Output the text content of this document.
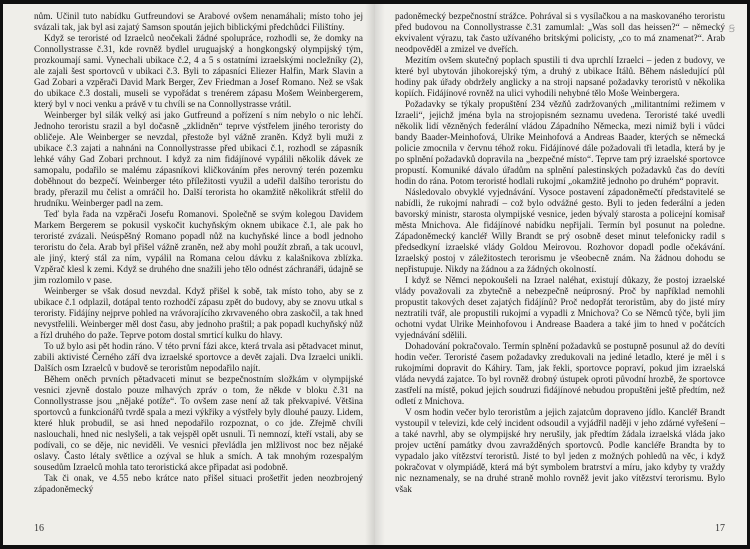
nům. Učinil tuto nabídku Gutfreundovi se Arabové ovšem nenamáhali; místo toho jej svázali tak, jak byl asi zajatý Samson spoután jejich biblickými předchůdci Filištíny.

Když se teroristé od Izraelců neočekali žádné spolupráce, rozhodli se, že domky na Connollystrasse č.31, kde rovněž bydlel uruguajský a hongkongský olympijský tým, prozkoumají sami. Vynechali ubikace č.2, 4 a 5 s ostatními izraelskými nocležníky (2), ale zajali šest sportovců v ubikaci č.3. Byli to zápasníci Eliezer Halfin, Mark Slavin a Gad Zobari a vzpěrači David Mark Berger, Zev Friedman a Josef Romano. Než se však do ubikace č.3 dostali, museli se vypořádat s trenérem zápasu Mošem Weinbergerem, který byl v noci venku a právě v tu chvíli se na Connollystrasse vrátil.

Weinberger byl silák velký asi jako Gutfreund a pořízení s ním nebylo o nic lehčí. Jednoho teroristu srazil a byl dočasně „zklidněn“ teprve výstřelem jiného teroristy do obličeje. Ale Weinberger se nevzdal, přestože byl vážně zraněn. Když byli muži z ubikace č.3 zajati a nahnáni na Connollystrasse před ubikaci č.1, rozhodl se zápasník lehké váhy Gad Zobari prchnout. I když za nim fidájínové vypálili několik dávek ze samopalu, podařilo se malému zápasníkovi kličkováním přes nerovný terén pozemku doběhnout do bezpečí. Weinberger této příležitosti využil a udeřil dalšího teroristu do brady, přerazil mu čelist a omráčil ho. Další terorista ho okamžitě několikrát střelil do hrudníku. Weinberger padl na zem.

Teď byla řada na vzpěrači Josefu Romanovi. Společně se svým kolegou Davidem Markem Bergerem se pokusil vyskočit kuchyňským oknem ubikace č.1, ale pak ho teroristé zvázali. Neúspěšný Romano popadl nůž na kuchyňské lince a bodl jednoho teroristu do čela. Arab byl přišel vážně zraněn, než aby mohl použít zbraň, a tak ucouvl, ale jiný, který stál za ním, vypálil na Romana celou dávku z kalašnikova zblízka. Vzpěrač klesl k zemi. Když se druhého dne snažili jeho tělo odnést záchranáři, údajně se jim rozlomilo v pase.

Weinberger se však dosud nevzdal. Když přišel k sobě, tak místo toho, aby se z ubikace č.1 odplazil, dotápal tento rozhodčí zápasu zpět do budovy, aby se znovu utkal s teroristy. Fidájíny nejprve pohled na vrávorajícího zkrvaveného obra zaskočil, a tak hned nevystřelili. Weinberger měl dost času, aby jednoho praštil; a pak popadl kuchyňský nůž a řízl druhého do paže. Teprve potom dostal smrticí kulku do hlavy.

To už bylo asi pět hodin ráno. V této první fázi akce, která trvala asi pětadvacet minut, zabili aktivisté Černého září dva izraelské sportovce a devět zajali. Dva Izraelci unikli. Dalších osm Izraelců v budově se teroristům nepodařilo najít.

Během oněch prvních pětadvaceti minut se bezpečnostním složkám v olympijské vesnici zjevně dostalo pouze mlhavých zpráv o tom, že někde v bloku č.31 na Connollystrasse jsou „nějaké potíže“. To ovšem zase není až tak překvapivé. Většina sportovců a funkcionářů tvrdě spala a mezi výkřiky a výstřely byly dlouhé pauzy. Lidem, které hluk probudil, se asi hned nepodařilo rozpoznat, o co jde. Zřejmě chvíli naslouchali, hned nic neslyšeli, a tak vejspěl opět usnuli. Ti nemnozí, kteří vstali, aby se podívali, co se děje, nic neviděli. Ve vesnici převládla jen mlžlivost noc bez nějaké oslavy. Často létaly světlice a ozýval se hluk a smích. A tak mnohým rozespalým sousedům Izraelců mohla tato teroristická akce připadat asi podobně.

Tak či onak, ve 4.55 nebo krátce nato přišel situaci prošetřit jeden neozbrojený západoněmecký

16
Ꞩ

padoněmecký bezpečnostní strážce. Pohrával si s vysílačkou a na maskovaného teroristu před budovou na Connollystrasse č.31 zamumlal: „Was soll das heissen?“ – německý ekvivalent výrazu, tak často užívaného britskými policisty, „co to má znamenat?“. Arab neodpověděl a zmizel ve dveřích.

Mezitím ovšem skutečný poplach spustili ti dva uprchlí Izraelci – jeden z budovy, ve které byl ubytován jihokorejský tým, a druhý z ubikace Itálů. Během následující půl hodiny pak úřady obdržely anglicky a na stroji napsané požadavky teroristů v několika kopiích. Fidájínové rovněž na ulici vyhodili nehybné tělo Moše Weinbergera.

Požadavky se týkaly propuštění 234 vězňů zadržovaných „militantními režimem v Izraeli“, jejichž jména byla na strojopisném seznamu uvedena. Teroristé také uvedli několik lidí vězněných federální vládou Západního Německa, mezi nimiž byli i vůdci bandy Baader-Meinhofová, Ulrike Meinhofová a Andreas Baader, kterých se německá policie zmocnila v červnu téhož roku. Fidájínové dále požadovali tři letadla, která by je po splnění požadavků dopravila na „bezpečné místo“. Teprve tam prý izraelské sportovce propustí. Komuniké dávalo úřadům na splnění palestinských požadavků čas do devíti hodin do rána. Potom teroristé hodlali rukojmí „okamžitě jednoho po druhém“ popravit.

Následovalo obvyklé vyjednávání. Vysoce postavení západoněmečtí představitelé se nabídli, že rukojmí nahradí – což bylo odvážné gesto. Byli to jeden federální a jeden bavorský ministr, starosta olympijské vesnice, jeden bývalý starosta a policejní komisař města Mnichova. Ale fidájínové nabídku nepřijali. Termín byl posunut na poledne. Západoněmecký kancléř Willy Brandt se prý osobně deset minut telefonicky radil s předsedkyní izraelské vlády Goldou Meirovou. Rozhovor dopadl podle očekávání. Izraelský postoj v záležitostech terorismu je všeobecně znám. Na žádnou dohodu se nepřistupuje. Nikdy na žádnou a za žádných okolností.

I když se Němci nepokoušeli na Izrael naléhat, existují důkazy, že postoj izraelské vlády považovali za zbytečně a nebezpečně neúprosný. Proč by například nemohli propustit takových deset zajatých fidájínů? Proč nedopřát teroristům, aby do jisté míry neztratili tvář, ale propustili rukojmí a vypadli z Mnichova? Co se Němců týče, byli jim ochotni vydat Ulrike Meinhofovou i Andrease Baadera a také jim to hned v počátcích vyjednávání sdělili.

Dohadování pokračovalo. Termín splnění požadavků se postupně posunul až do devíti hodin večer. Teroristé časem požadavky zredukovali na jediné letadlo, které je měl i s rukojmími dopravit do Káhiry. Tam, jak řekli, sportovce popraví, pokud jim izraelská vláda nevydá zajatce. To byl rovněž drobný ústupek oproti původní hrozbě, že sportovce zastřelí na místě, pokud jejich soudruzi fidájínové nebudou propuštěni ještě předtím, než odletí z Mnichova.

V osm hodin večer bylo teroristům a jejich zajatcům dopraveno jídlo. Kancléř Brandt vystoupil v televizi, kde celý incident odsoudil a vyjádřil naději v jeho zdárné vyřešení – a také navrhl, aby se olympijské hry nerušily, jak předtím žádala izraelská vláda jako projev uctění památky dvou zavražděných sportovců. Podle kancléře Brandta by to vypadalo jako vítězství teroristů. Jisté to byl jeden z možných pohledů na věc, i když pokračovat v olympiádě, která má být symbolem bratrství a míru, jako kdyby ty vraždy nic neznamenaly, se na druhé straně mohlo rovněž jevit jako vítězství terorismu. Bylo však

17
